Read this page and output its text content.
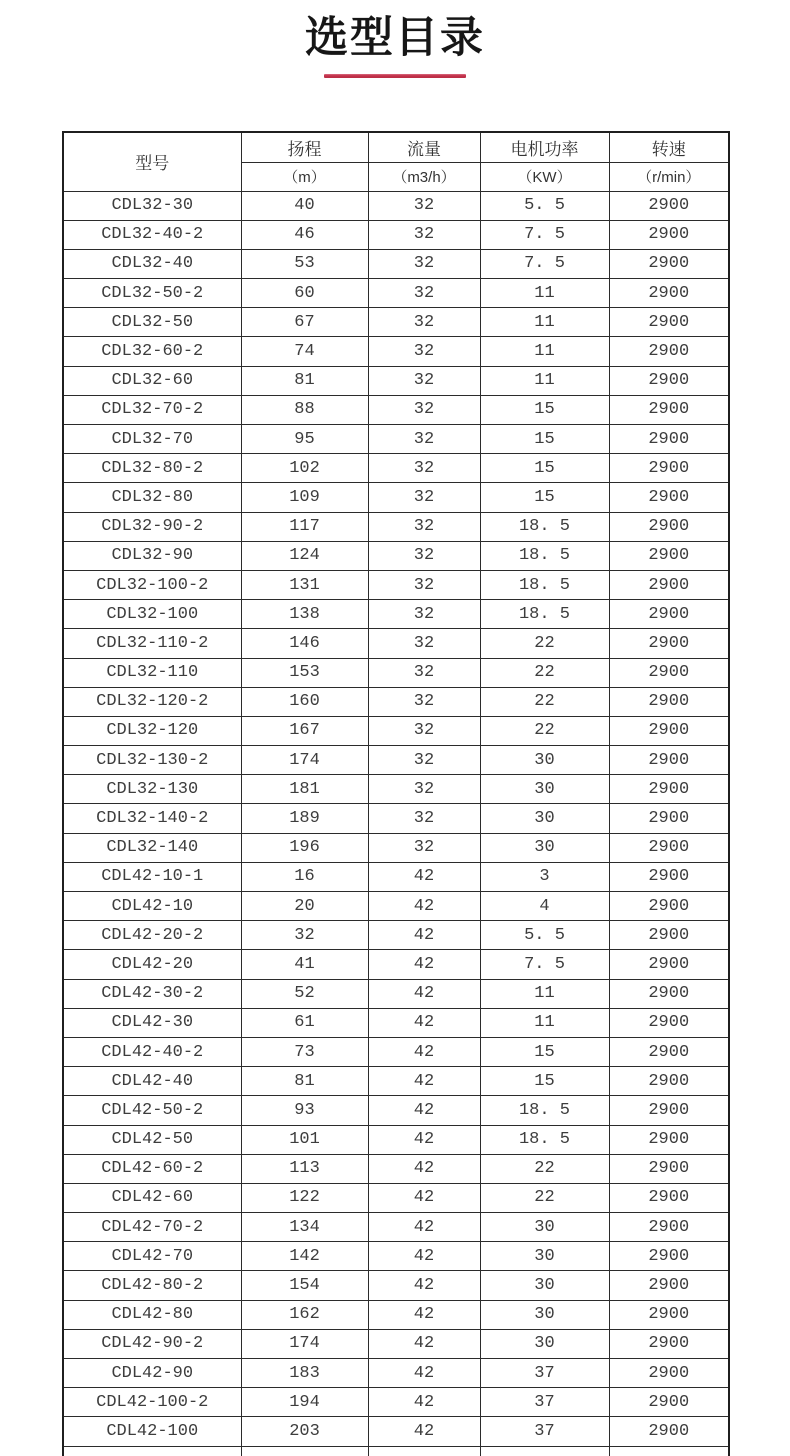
选型目录
型号	扬程	流量	电机功率	转速
	（m）	（m3/h）	（KW）	（r/min）
CDL32-30	40	32	5. 5	2900
CDL32-40-2	46	32	7. 5	2900
CDL32-40	53	32	7. 5	2900
CDL32-50-2	60	32	11	2900
CDL32-50	67	32	11	2900
CDL32-60-2	74	32	11	2900
CDL32-60	81	32	11	2900
CDL32-70-2	88	32	15	2900
CDL32-70	95	32	15	2900
CDL32-80-2	102	32	15	2900
CDL32-80	109	32	15	2900
CDL32-90-2	117	32	18. 5	2900
CDL32-90	124	32	18. 5	2900
CDL32-100-2	131	32	18. 5	2900
CDL32-100	138	32	18. 5	2900
CDL32-110-2	146	32	22	2900
CDL32-110	153	32	22	2900
CDL32-120-2	160	32	22	2900
CDL32-120	167	32	22	2900
CDL32-130-2	174	32	30	2900
CDL32-130	181	32	30	2900
CDL32-140-2	189	32	30	2900
CDL32-140	196	32	30	2900
CDL42-10-1	16	42	3	2900
CDL42-10	20	42	4	2900
CDL42-20-2	32	42	5. 5	2900
CDL42-20	41	42	7. 5	2900
CDL42-30-2	52	42	11	2900
CDL42-30	61	42	11	2900
CDL42-40-2	73	42	15	2900
CDL42-40	81	42	15	2900
CDL42-50-2	93	42	18. 5	2900
CDL42-50	101	42	18. 5	2900
CDL42-60-2	113	42	22	2900
CDL42-60	122	42	22	2900
CDL42-70-2	134	42	30	2900
CDL42-70	142	42	30	2900
CDL42-80-2	154	42	30	2900
CDL42-80	162	42	30	2900
CDL42-90-2	174	42	30	2900
CDL42-90	183	42	37	2900
CDL42-100-2	194	42	37	2900
CDL42-100	203	42	37	2900
